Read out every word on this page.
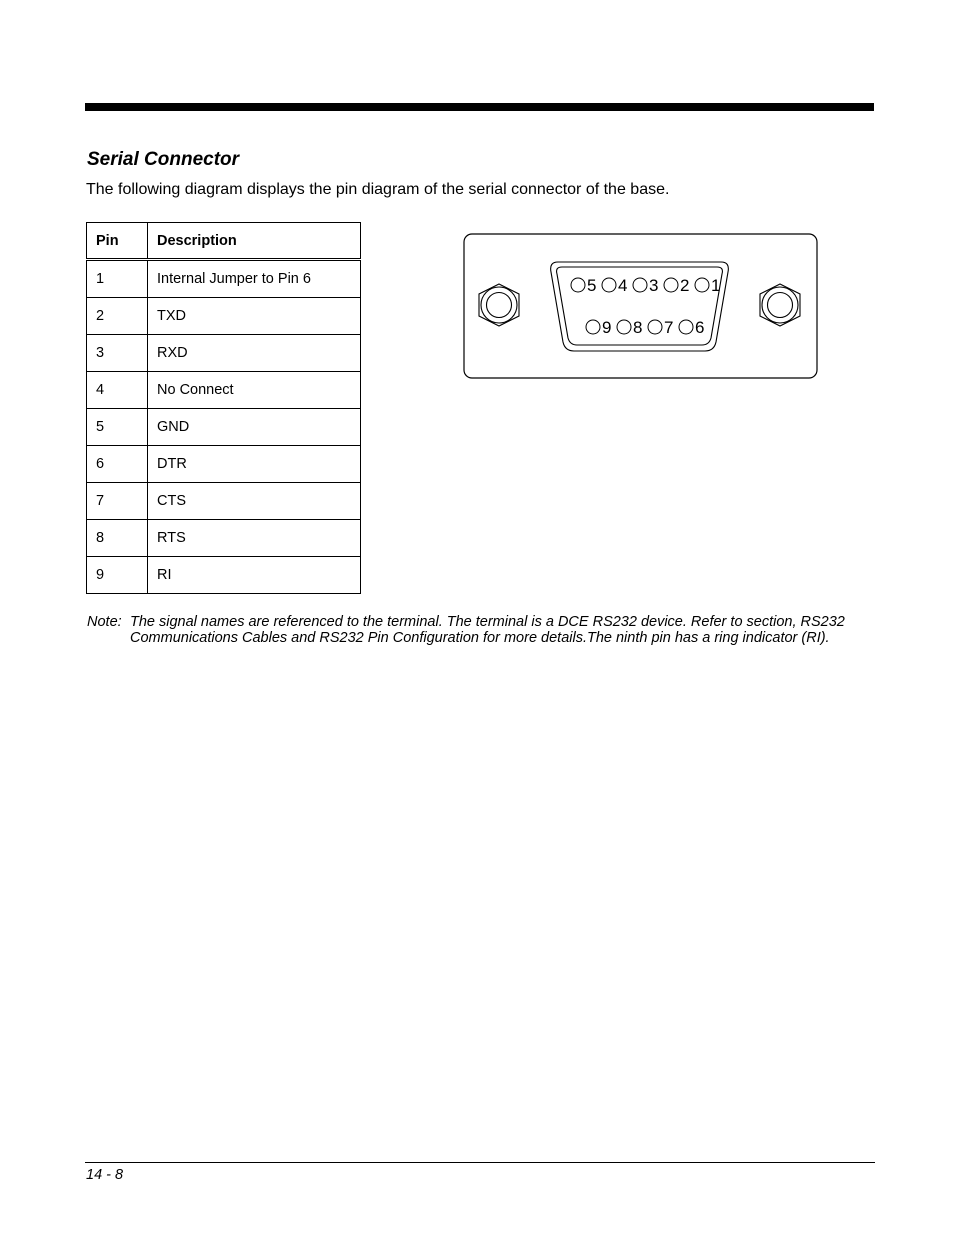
Serial Connector

The following diagram displays the pin diagram of the serial connector of the base.

Pin	Description
1	Internal Jumper to Pin 6
2	TXD
3	RXD
4	No Connect
5	GND
6	DTR
7	CTS
8	RTS
9	RI
5 4 3 2 1
9 8 7 6
Note: The signal names are referenced to the terminal. The terminal is a DCE RS232 device. Refer to section, RS232 Communications Cables and RS232 Pin Configuration for more details.The ninth pin has a ring indicator (RI).
14 - 8
